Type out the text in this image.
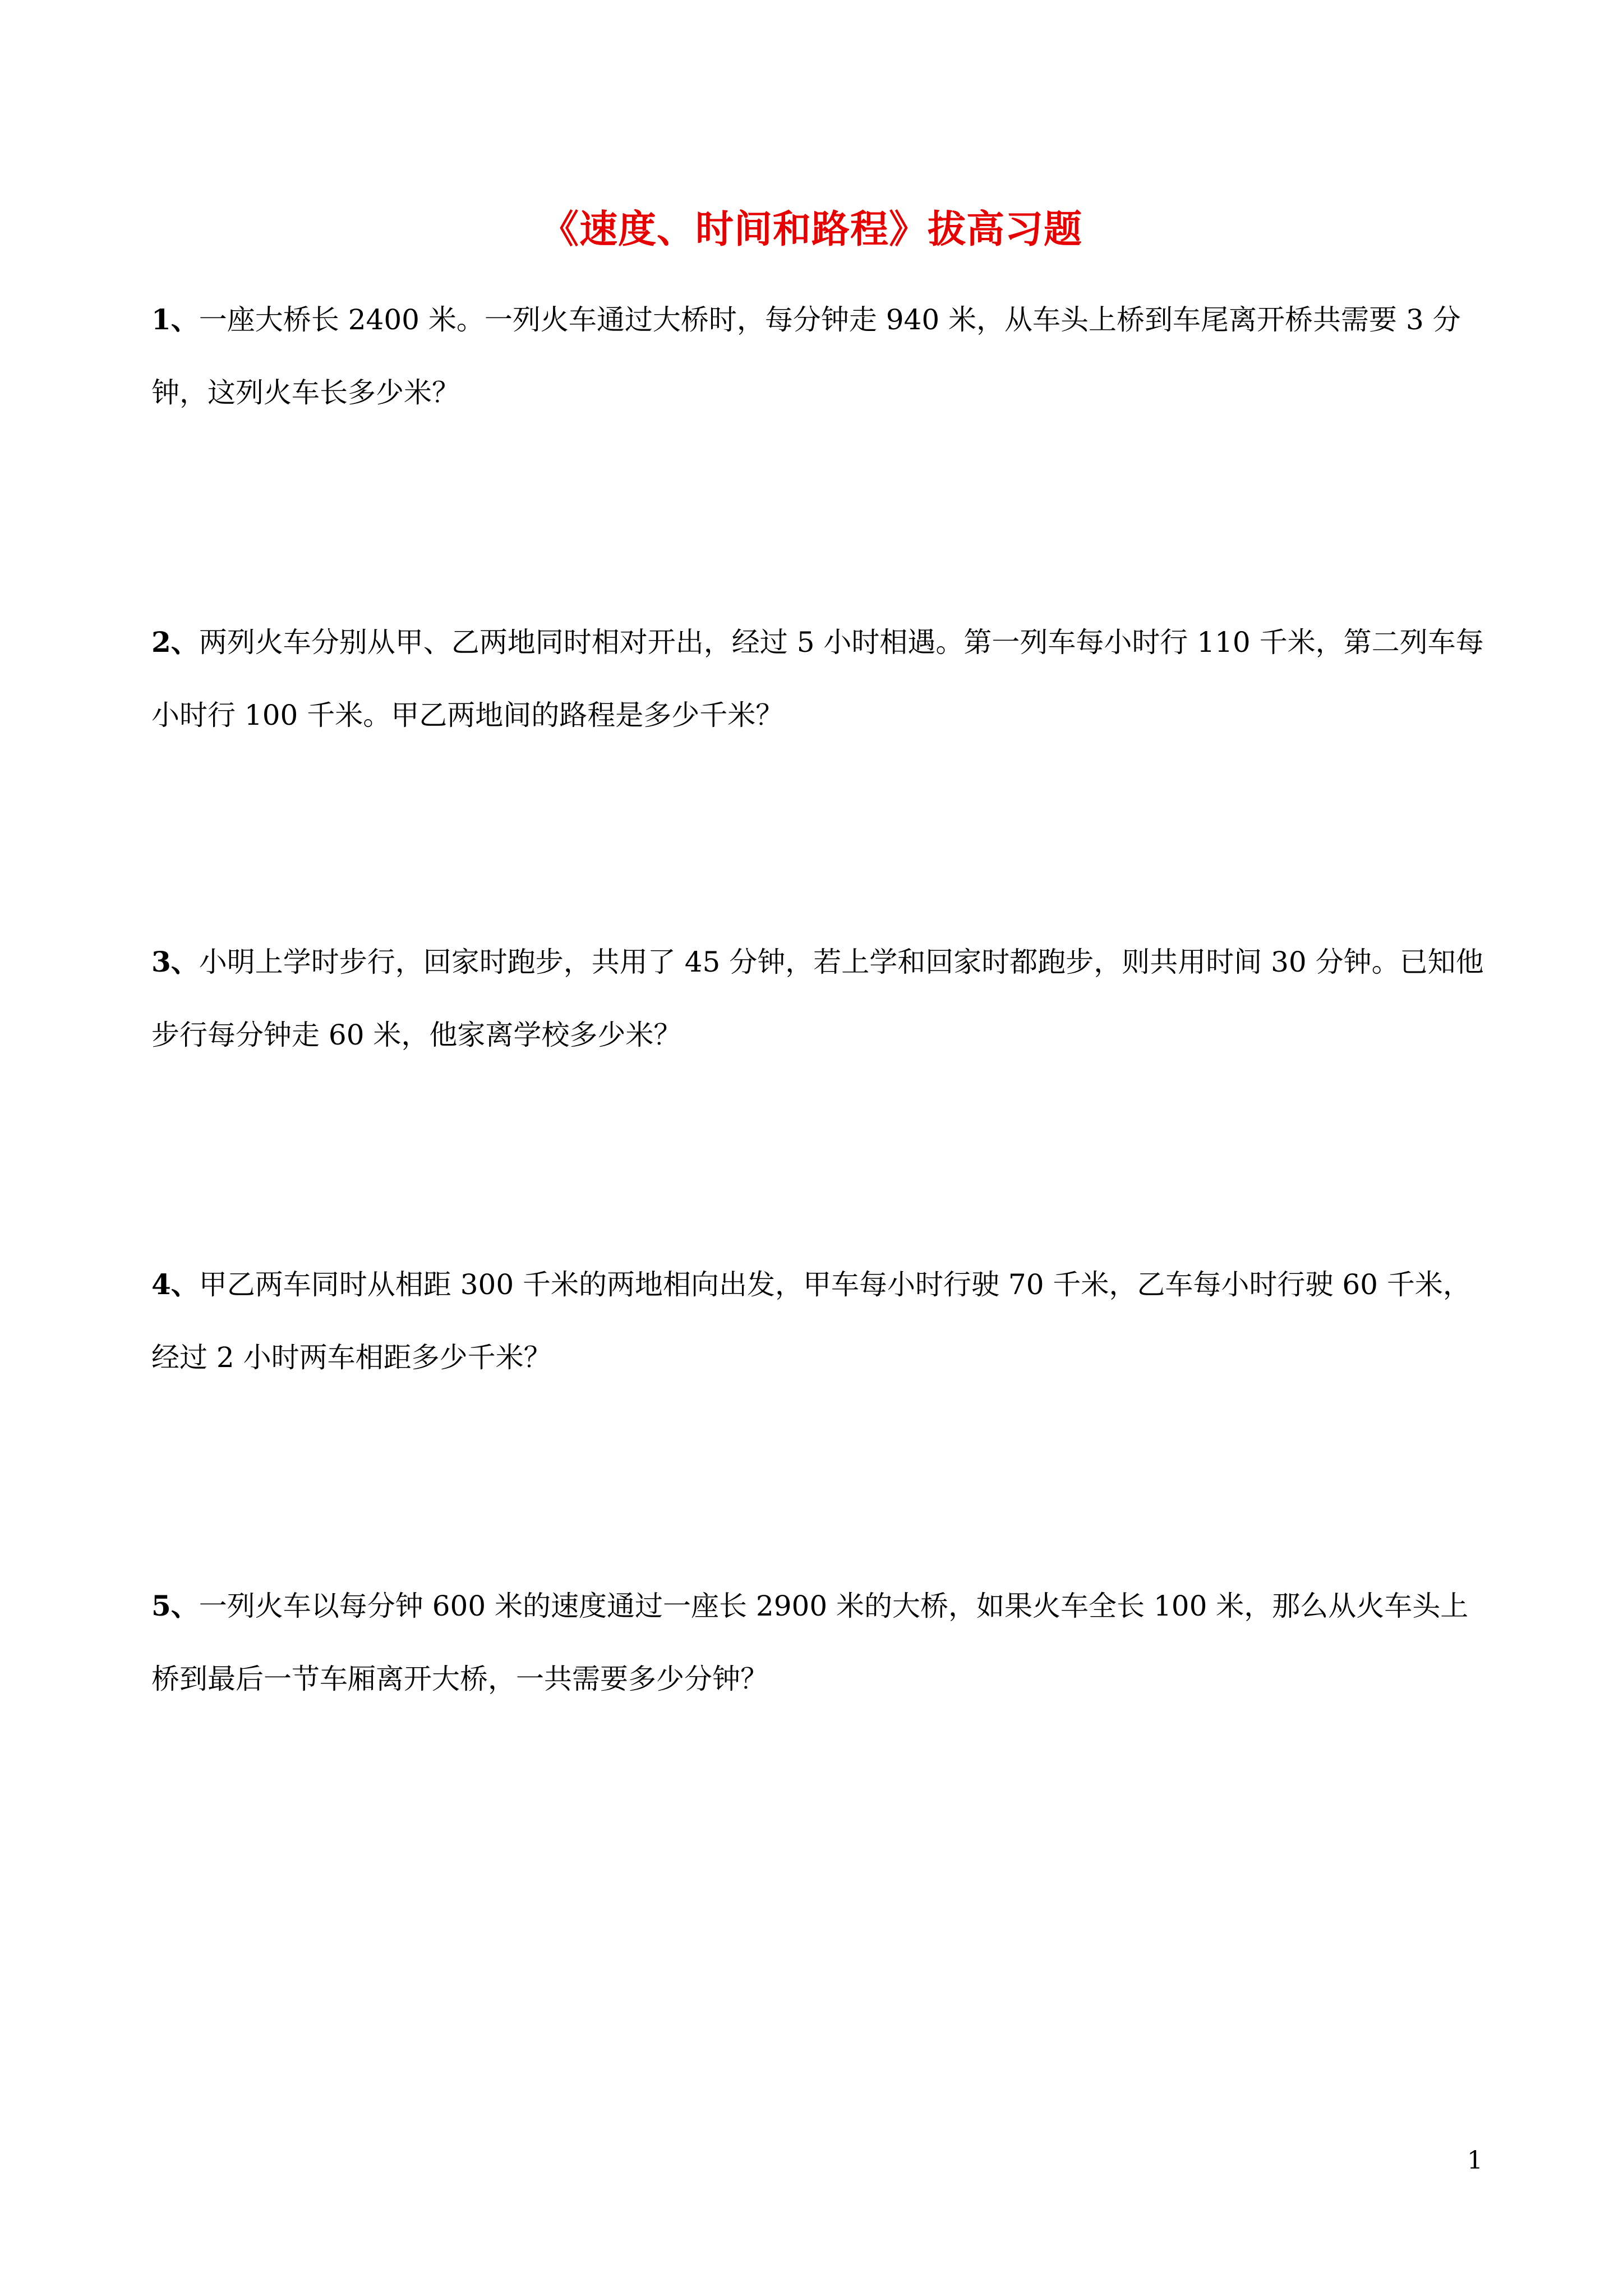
《速度、时间和路程》拔高习题

1、一座大桥长 2400 米。一列火车通过大桥时，每分钟走 940 米，从车头上桥到车尾离开桥共需要 3 分钟，这列火车长多少米？

2、两列火车分别从甲、乙两地同时相对开出，经过 5 小时相遇。第一列车每小时行 110 千米，第二列车每小时行 100 千米。甲乙两地间的路程是多少千米？

3、小明上学时步行，回家时跑步，共用了 45 分钟，若上学和回家时都跑步，则共用时间 30 分钟。已知他步行每分钟走 60 米，他家离学校多少米？

4、甲乙两车同时从相距 300 千米的两地相向出发，甲车每小时行驶 70 千米，乙车每小时行驶 60 千米，经过 2 小时两车相距多少千米？

5、一列火车以每分钟 600 米的速度通过一座长 2900 米的大桥，如果火车全长 100 米，那么从火车头上桥到最后一节车厢离开大桥，一共需要多少分钟？

1
